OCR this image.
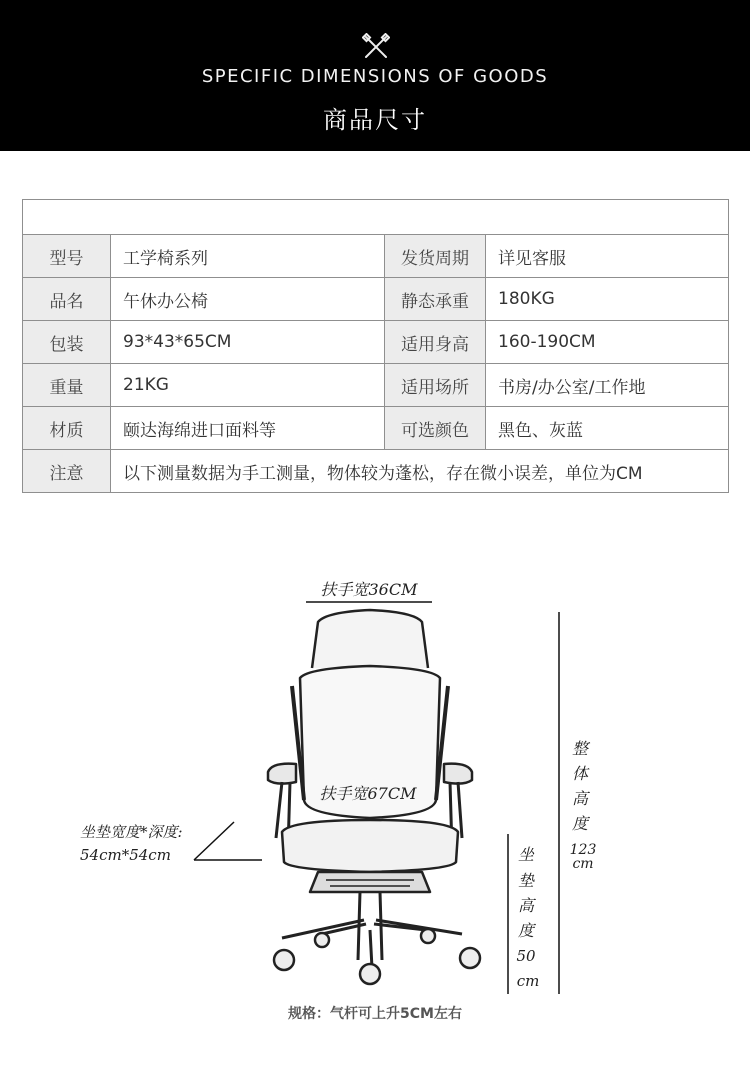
SPECIFIC DIMENSIONS OF GOODS
商品尺寸

型号	工学椅系列	发货周期	详见客服
品名	午休办公椅	静态承重	180KG
包装	93*43*65CM	适用身高	160-190CM
重量	21KG	适用场所	书房/办公室/工作地
材质	颐达海绵进口面料等	可选颜色	黑色、灰蓝
注意	以下测量数据为手工测量，物体较为蓬松，存在微小误差，单位为CM		
扶手宽36CM
扶手宽67CM
坐垫宽度*深度:
54cm*54cm
整
体
高
度
123
cm
坐
垫
高
度
50
cm
规格：气杆可上升5CM左右
